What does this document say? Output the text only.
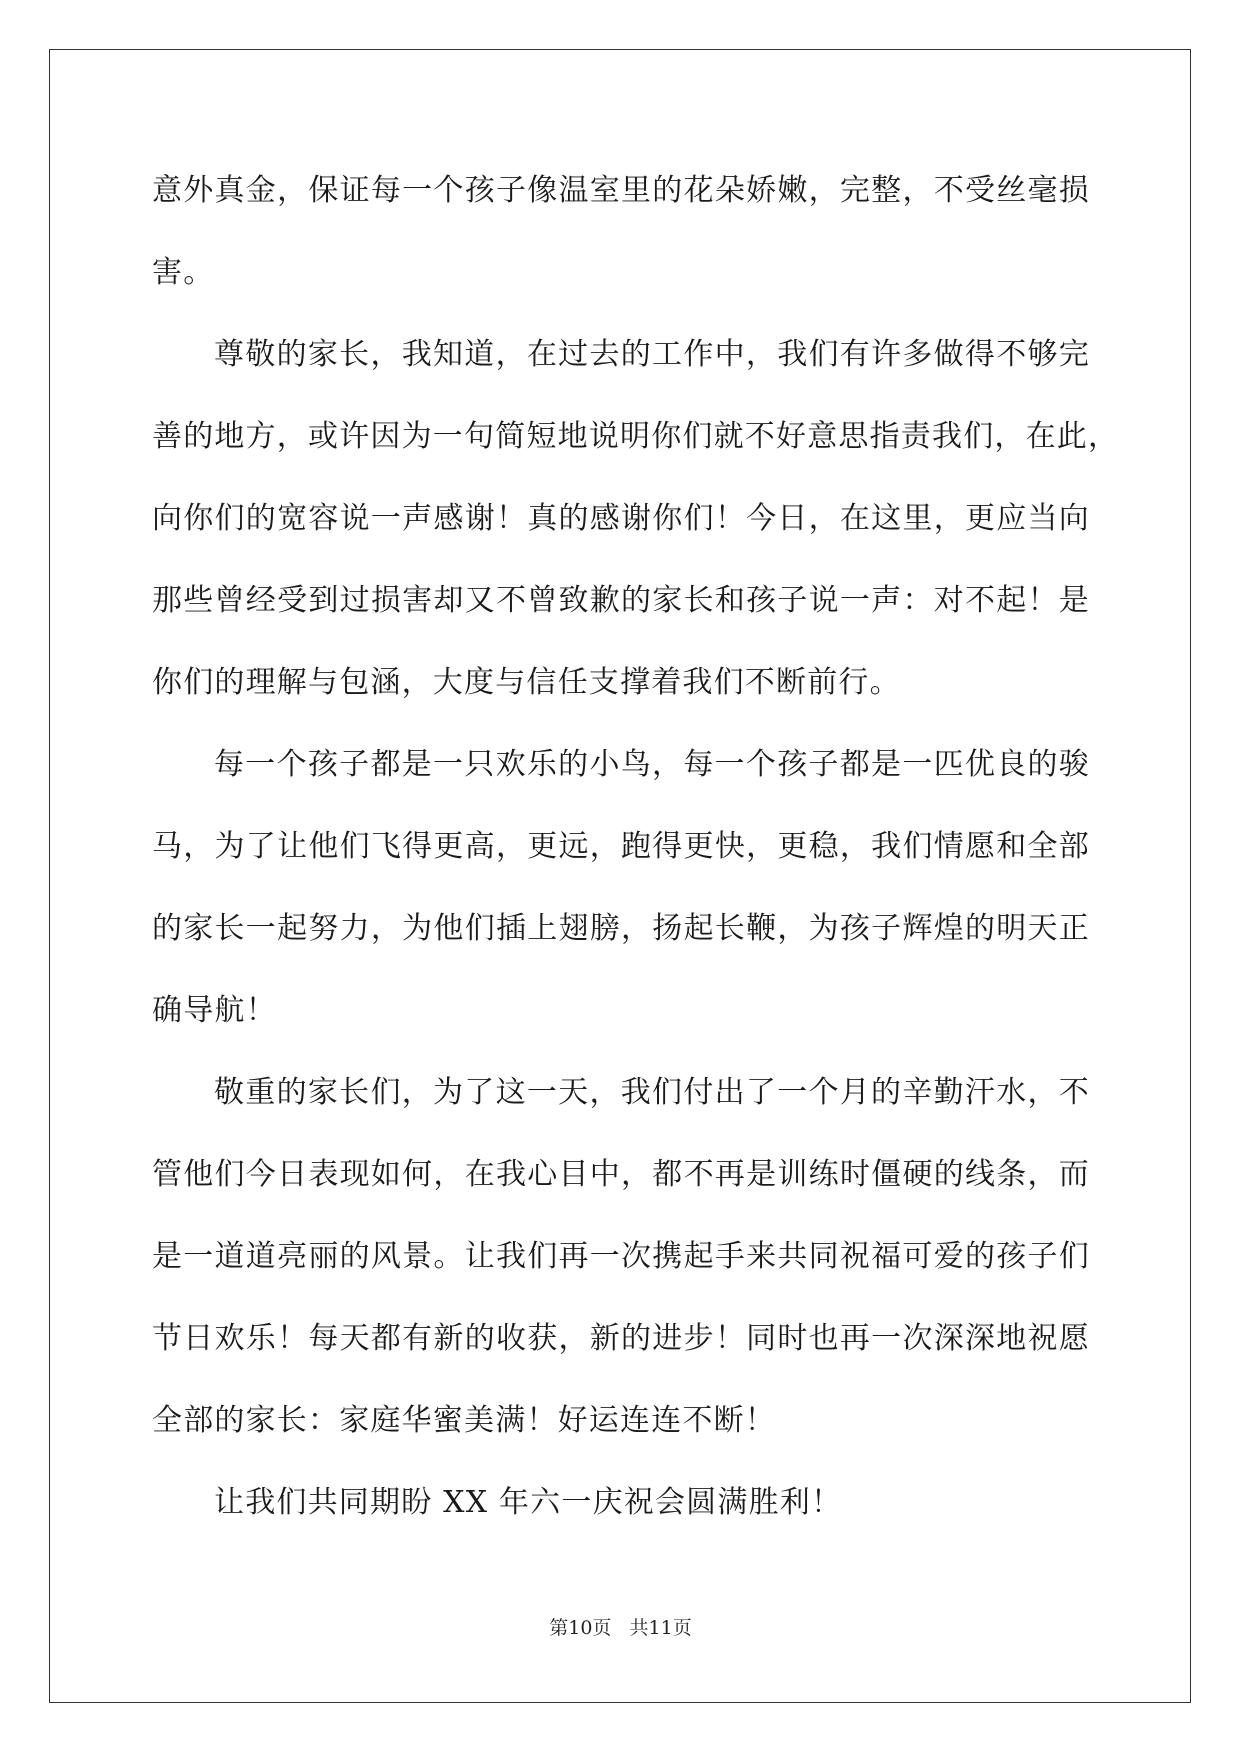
意外真金，保证每一个孩子像温室里的花朵娇嫩，完整，不受丝毫损
害。
尊敬的家长，我知道，在过去的工作中，我们有许多做得不够完
善的地方，或许因为一句简短地说明你们就不好意思指责我们，在此，
向你们的宽容说一声感谢！真的感谢你们！今日，在这里，更应当向
那些曾经受到过损害却又不曾致歉的家长和孩子说一声：对不起！是
你们的理解与包涵，大度与信任支撑着我们不断前行。
每一个孩子都是一只欢乐的小鸟，每一个孩子都是一匹优良的骏
马，为了让他们飞得更高，更远，跑得更快，更稳，我们情愿和全部
的家长一起努力，为他们插上翅膀，扬起长鞭，为孩子辉煌的明天正
确导航！
敬重的家长们，为了这一天，我们付出了一个月的辛勤汗水，不
管他们今日表现如何，在我心目中，都不再是训练时僵硬的线条，而
是一道道亮丽的风景。让我们再一次携起手来共同祝福可爱的孩子们
节日欢乐！每天都有新的收获，新的进步！同时也再一次深深地祝愿
全部的家长：家庭华蜜美满！好运连连不断！
让我们共同期盼 XX 年六一庆祝会圆满胜利！
第10页   共11页
